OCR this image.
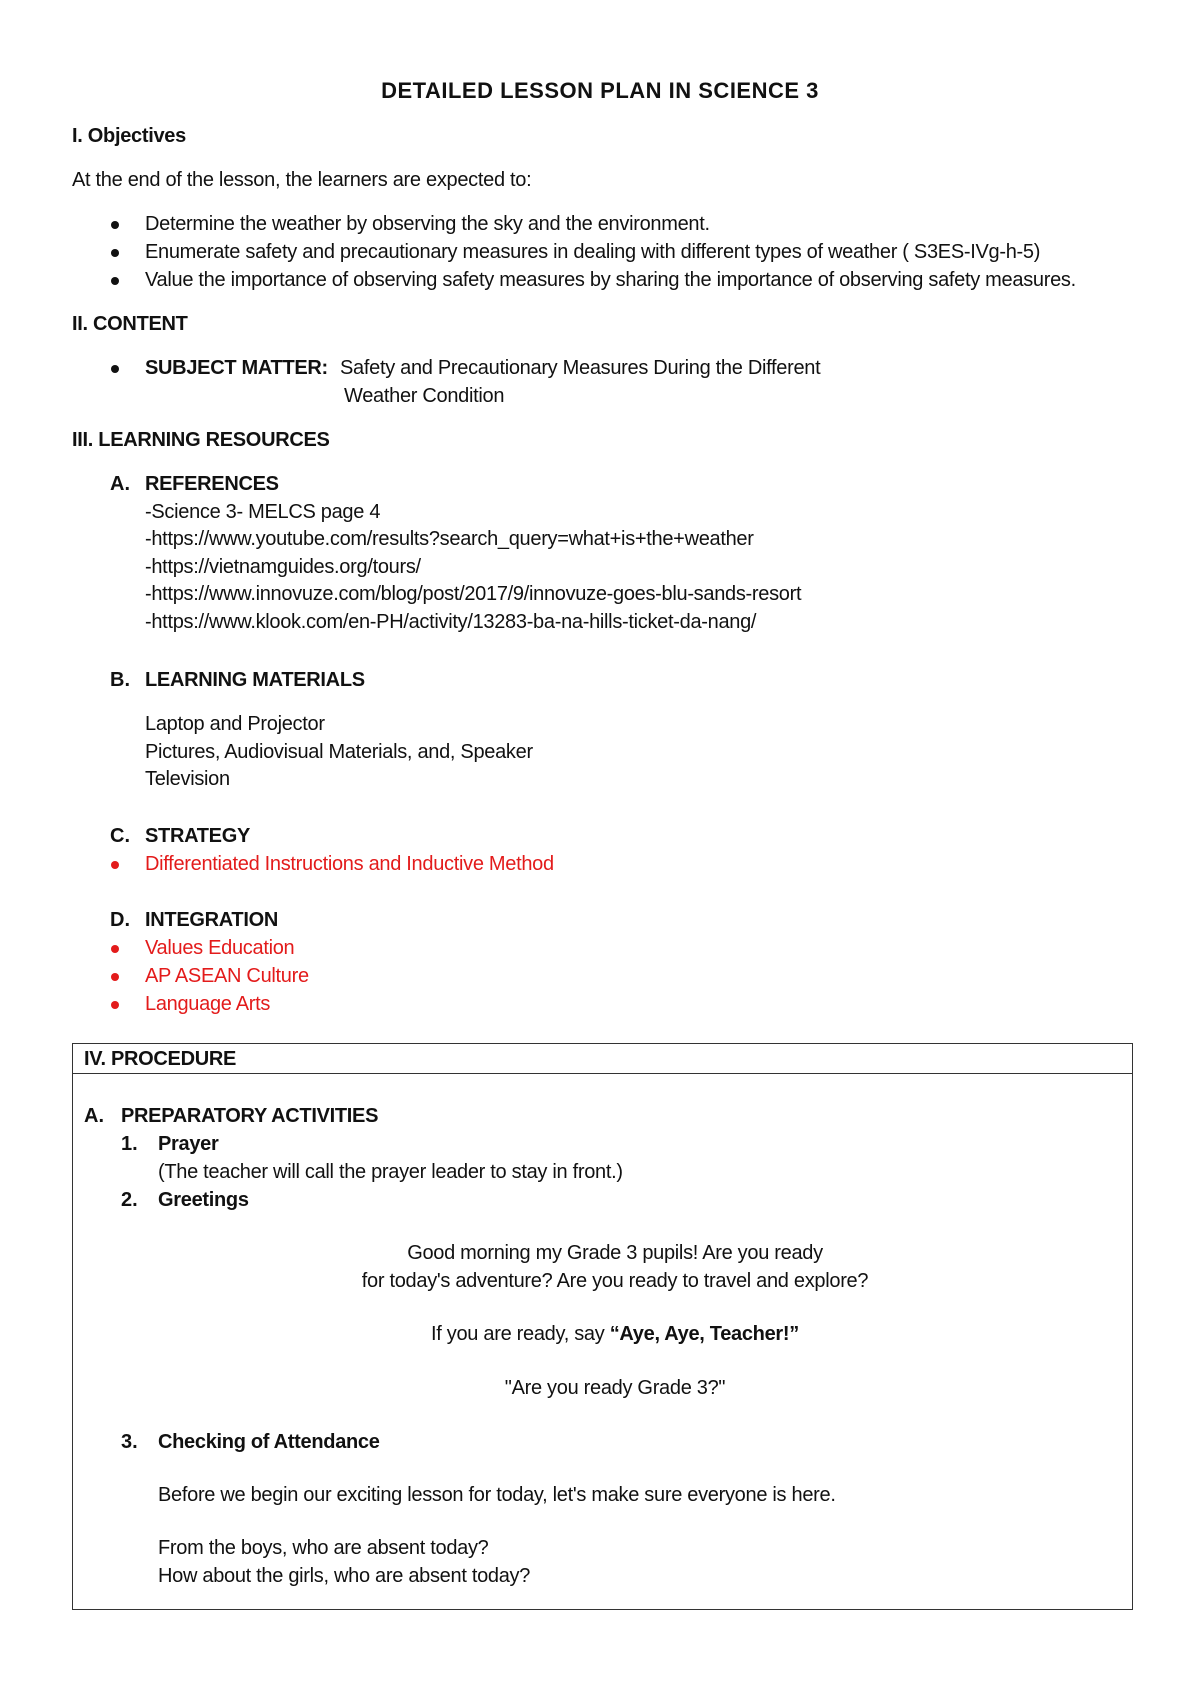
DETAILED LESSON PLAN IN SCIENCE 3
I. Objectives
At the end of the lesson, the learners are expected to:
Determine the weather by observing the sky and the environment.
Enumerate safety and precautionary measures in dealing with different types of weather ( S3ES-IVg-h-5)
Value the importance of observing safety measures by sharing the importance of observing safety measures.
II. CONTENT
SUBJECT MATTER: Safety and Precautionary Measures During the Different
Weather Condition
III. LEARNING RESOURCES
A. REFERENCES
-Science 3- MELCS page 4
-https://www.youtube.com/results?search_query=what+is+the+weather
-https://vietnamguides.org/tours/
-https://www.innovuze.com/blog/post/2017/9/innovuze-goes-blu-sands-resort
-https://www.klook.com/en-PH/activity/13283-ba-na-hills-ticket-da-nang/
B. LEARNING MATERIALS
Laptop and Projector
Pictures, Audiovisual Materials, and, Speaker
Television
C. STRATEGY
Differentiated Instructions and Inductive Method
D. INTEGRATION
Values Education
AP ASEAN Culture
Language Arts
IV. PROCEDURE
A. PREPARATORY ACTIVITIES
1. Prayer
(The teacher will call the prayer leader to stay in front.)
2. Greetings
Good morning my Grade 3 pupils! Are you ready
for today's adventure? Are you ready to travel and explore?
If you are ready, say “Aye, Aye, Teacher!”
"Are you ready Grade 3?"
3. Checking of Attendance
Before we begin our exciting lesson for today, let's make sure everyone is here.
From the boys, who are absent today?
How about the girls, who are absent today?
